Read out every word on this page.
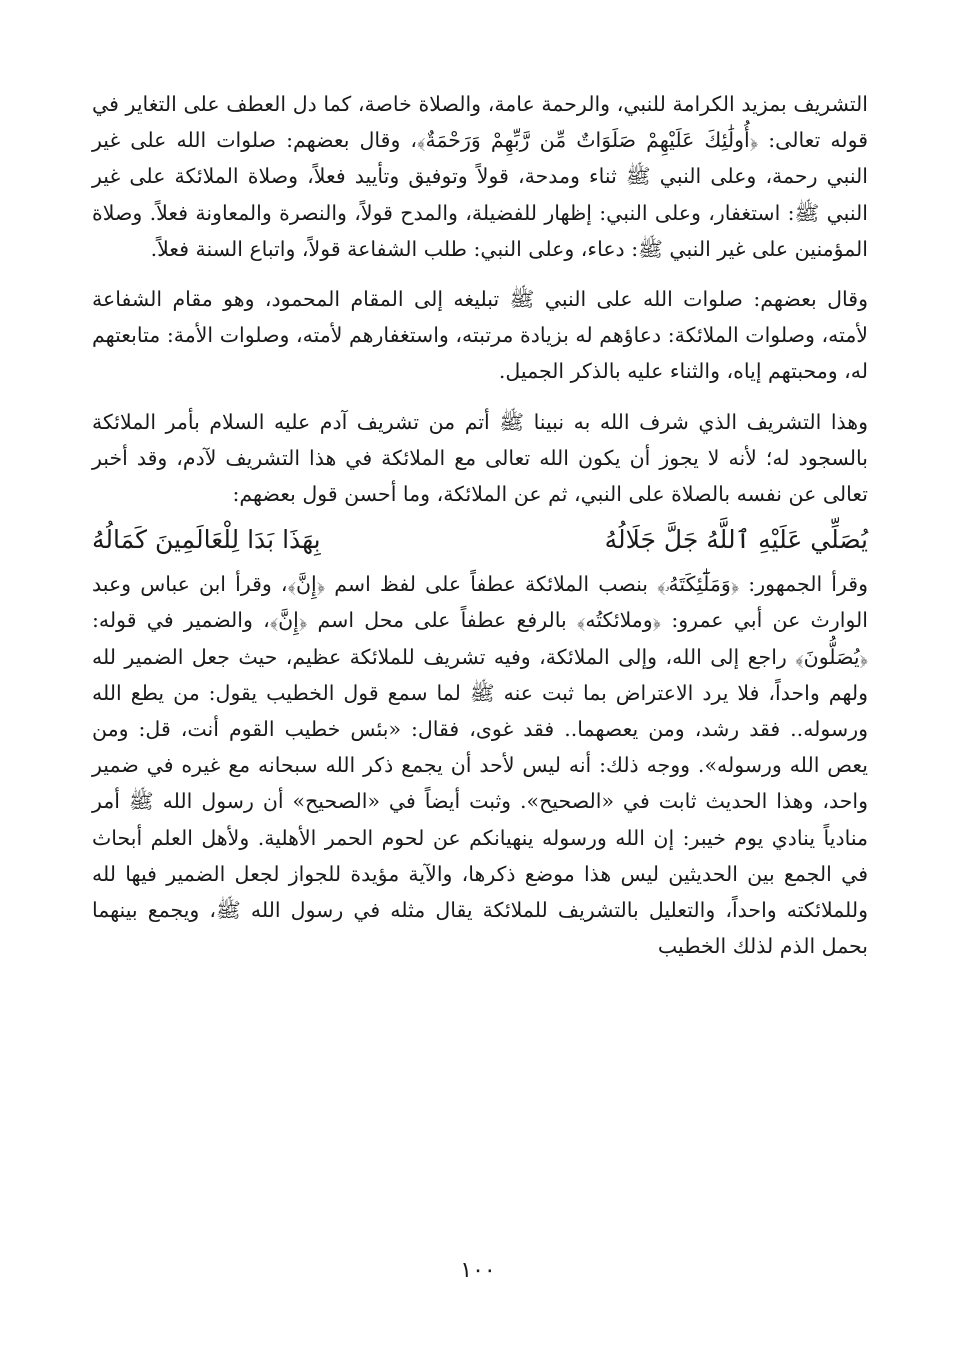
التشريف بمزيد الكرامة للنبي، والرحمة عامة، والصلاة خاصة، كما دل العطف على التغاير في قوله تعالى: ﴿أُولَٰئِكَ عَلَيْهِمْ صَلَوَاتٌ مِّن رَّبِّهِمْ وَرَحْمَةٌ﴾، وقال بعضهم: صلوات الله على غير النبي رحمة، وعلى النبي ﷺ ثناء ومدحة، قولاً وتوفيق وتأييد فعلاً، وصلاة الملائكة على غير النبي ﷺ: استغفار، وعلى النبي: إظهار للفضيلة، والمدح قولاً، والنصرة والمعاونة فعلاً. وصلاة المؤمنين على غير النبي ﷺ: دعاء، وعلى النبي: طلب الشفاعة قولاً، واتباع السنة فعلاً.

وقال بعضهم: صلوات الله على النبي ﷺ تبليغه إلى المقام المحمود، وهو مقام الشفاعة لأمته، وصلوات الملائكة: دعاؤهم له بزيادة مرتبته، واستغفارهم لأمته، وصلوات الأمة: متابعتهم له، ومحبتهم إياه، والثناء عليه بالذكر الجميل.

وهذا التشريف الذي شرف الله به نبينا ﷺ أتم من تشريف آدم عليه السلام بأمر الملائكة بالسجود له؛ لأنه لا يجوز أن يكون الله تعالى مع الملائكة في هذا التشريف لآدم، وقد أخبر تعالى عن نفسه بالصلاة على النبي، ثم عن الملائكة، وما أحسن قول بعضهم:

يُصَلِّي عَلَيْهِ ٱللَّهُ جَلَّ جَلَالُهُ
بِهَذَا بَدَا لِلْعَالَمِينَ كَمَالُهُ

وقرأ الجمهور: ﴿وَمَلَٰٓئِكَتَهُۥ﴾ بنصب الملائكة عطفاً على لفظ اسم ﴿إِنَّ﴾، وقرأ ابن عباس وعبد الوارث عن أبي عمرو: ﴿وملائكتُه﴾ بالرفع عطفاً على محل اسم ﴿إِنَّ﴾، والضمير في قوله: ﴿يُصَلُّونَ﴾ راجع إلى الله، وإلى الملائكة، وفيه تشريف للملائكة عظيم، حيث جعل الضمير لله ولهم واحداً، فلا يرد الاعتراض بما ثبت عنه ﷺ لما سمع قول الخطيب يقول: من يطع الله ورسوله.. فقد رشد، ومن يعصهما.. فقد غوى، فقال: «بئس خطيب القوم أنت، قل: ومن يعص الله ورسوله». ووجه ذلك: أنه ليس لأحد أن يجمع ذكر الله سبحانه مع غيره في ضمير واحد، وهذا الحديث ثابت في «الصحيح». وثبت أيضاً في «الصحيح» أن رسول الله ﷺ أمر منادياً ينادي يوم خيبر: إن الله ورسوله ينهيانكم عن لحوم الحمر الأهلية. ولأهل العلم أبحاث في الجمع بين الحديثين ليس هذا موضع ذكرها، والآية مؤيدة للجواز لجعل الضمير فيها لله وللملائكته واحداً، والتعليل بالتشريف للملائكة يقال مثله في رسول الله ﷺ، ويجمع بينهما بحمل الذم لذلك الخطيب

١٠٠
